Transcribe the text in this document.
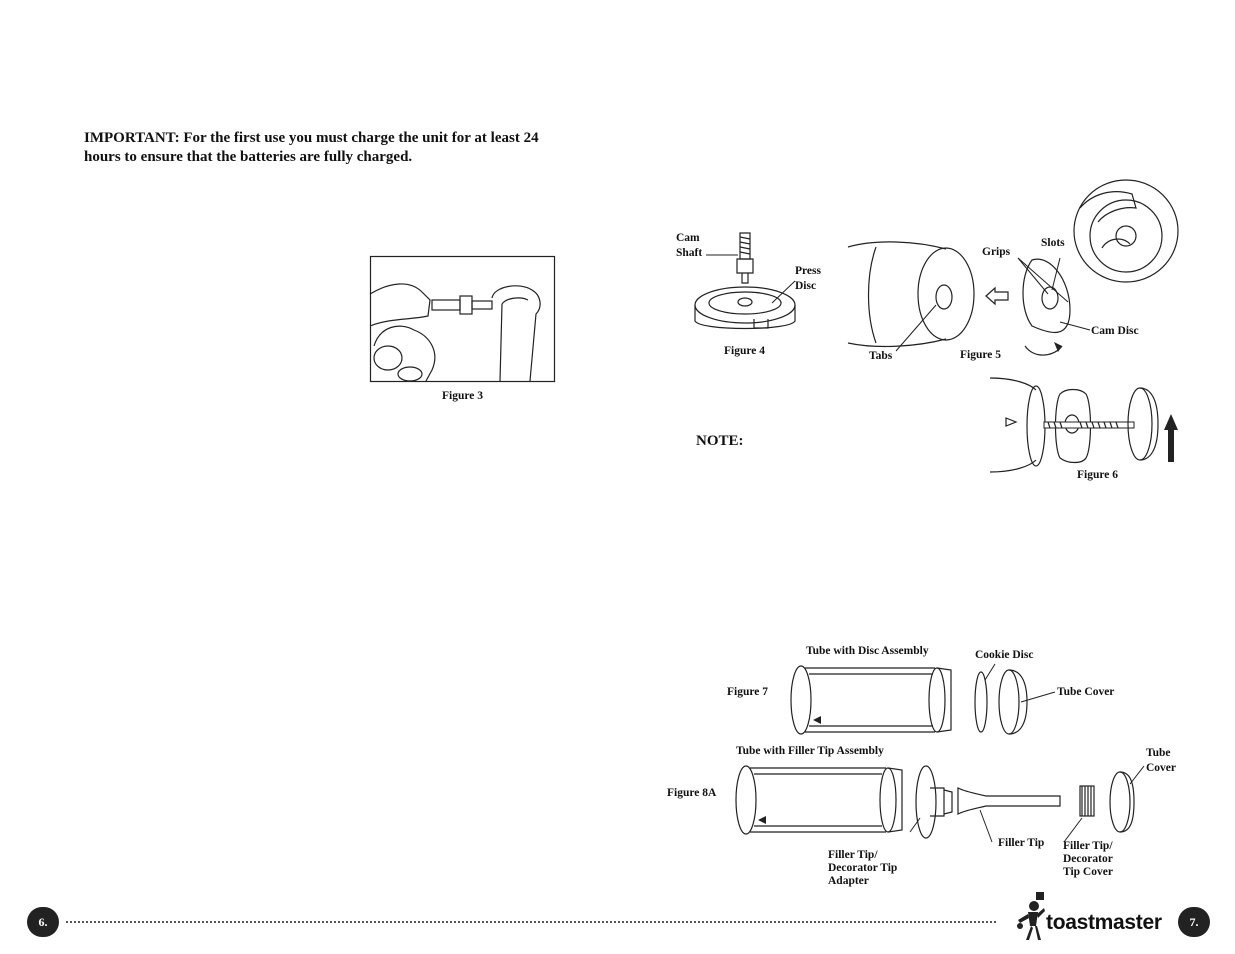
IMPORTANT: For the first use you must charge the unit for at least 24 hours to ensure that the batteries are fully charged.
Figure 3
Cam
Shaft
Press
Disc
Figure 4
Grips
Slots
Cam Disc
Tabs	Figure 5
Figure 6
NOTE:
Tube with Disc Assembly	Cookie Disc
Tube Cover
Figure 7
Tube with Filler Tip Assembly	Tube
Cover
Figure 8A
Filler Tip
Filler Tip/
Decorator Tip
Adapter
Filler Tip/
Decorator
Tip Cover
6.	toastmaster	7.
